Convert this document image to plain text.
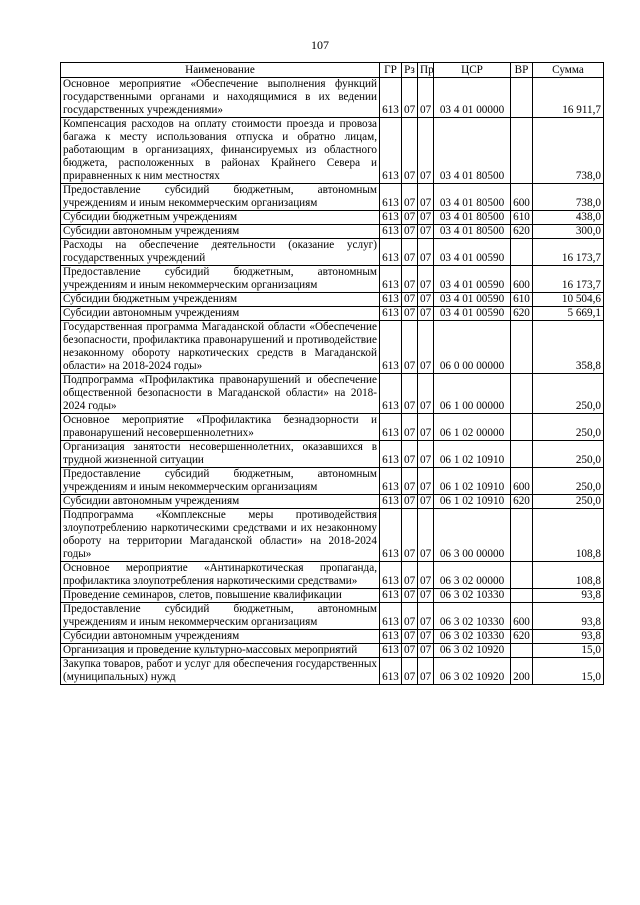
107
Наименование	ГР	Рз	Пр	ЦСР	ВР	Сумма
Основное мероприятие «Обеспечение выполнения функций государственными органами и находящимися в их ведении государственных учреждениями»	613	07	07	03 4 01 00000		16 911,7
Компенсация расходов на оплату стоимости проезда и провоза багажа к месту использования отпуска и обратно лицам, работающим в организациях, финансируемых из областного бюджета, расположенных в районах Крайнего Севера и приравненных к ним местностях	613	07	07	03 4 01 80500		738,0
Предоставление субсидий бюджетным, автономным учреждениям и иным некоммерческим организациям	613	07	07	03 4 01 80500	600	738,0
Субсидии бюджетным учреждениям	613	07	07	03 4 01 80500	610	438,0
Субсидии автономным учреждениям	613	07	07	03 4 01 80500	620	300,0
Расходы на обеспечение деятельности (оказание услуг) государственных учреждений	613	07	07	03 4 01 00590		16 173,7
Предоставление субсидий бюджетным, автономным учреждениям и иным некоммерческим организациям	613	07	07	03 4 01 00590	600	16 173,7
Субсидии бюджетным учреждениям	613	07	07	03 4 01 00590	610	10 504,6
Субсидии автономным учреждениям	613	07	07	03 4 01 00590	620	5 669,1
Государственная программа Магаданской области «Обеспечение безопасности, профилактика правонарушений и противодействие незаконному обороту наркотических средств в Магаданской области» на 2018-2024 годы»	613	07	07	06 0 00 00000		358,8
Подпрограмма «Профилактика правонарушений и обеспечение общественной безопасности в Магаданской области» на 2018-2024 годы»	613	07	07	06 1 00 00000		250,0
Основное мероприятие «Профилактика безнадзорности и правонарушений несовершеннолетних»	613	07	07	06 1 02 00000		250,0
Организация занятости несовершеннолетних, оказавшихся в трудной жизненной ситуации	613	07	07	06 1 02 10910		250,0
Предоставление субсидий бюджетным, автономным учреждениям и иным некоммерческим организациям	613	07	07	06 1 02 10910	600	250,0
Субсидии автономным учреждениям	613	07	07	06 1 02 10910	620	250,0
Подпрограмма «Комплексные меры противодействия злоупотреблению наркотическими средствами и их незаконному обороту на территории Магаданской области» на 2018-2024 годы»	613	07	07	06 3 00 00000		108,8
Основное мероприятие «Антинаркотическая пропаганда, профилактика злоупотребления наркотическими средствами»	613	07	07	06 3 02 00000		108,8
Проведение семинаров, слетов, повышение квалификации	613	07	07	06 3 02 10330		93,8
Предоставление субсидий бюджетным, автономным учреждениям и иным некоммерческим организациям	613	07	07	06 3 02 10330	600	93,8
Субсидии автономным учреждениям	613	07	07	06 3 02 10330	620	93,8
Организация и проведение культурно-массовых мероприятий	613	07	07	06 3 02 10920		15,0
Закупка товаров, работ и услуг для обеспечения государственных (муниципальных) нужд	613	07	07	06 3 02 10920	200	15,0
